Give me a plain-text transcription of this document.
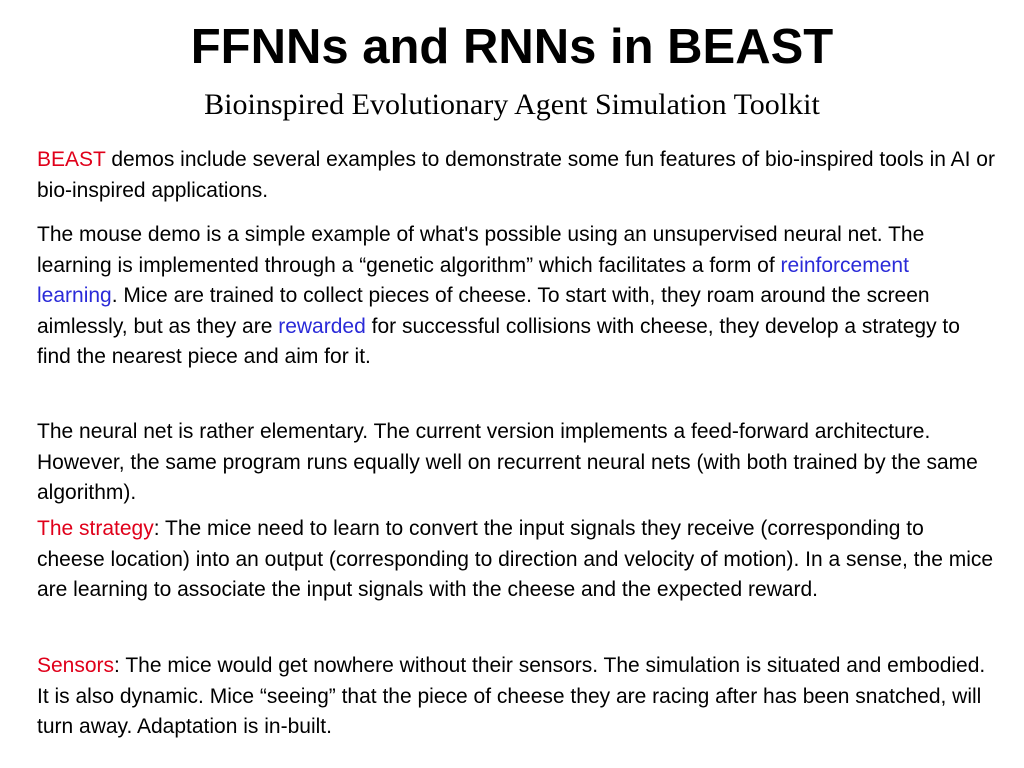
FFNNs and RNNs in BEAST
Bioinspired Evolutionary Agent Simulation Toolkit

BEAST demos include several examples to demonstrate some fun features of bio-inspired tools in AI or bio-inspired applications.

The mouse demo is a simple example of what's possible using an unsupervised neural net. The learning is implemented through a “genetic algorithm” which facilitates a form of reinforcement learning. Mice are trained to collect pieces of cheese. To start with, they roam around the screen aimlessly, but as they are rewarded for successful collisions with cheese, they develop a strategy to find the nearest piece and aim for it.

The neural net is rather elementary. The current version implements a feed-forward architecture. However, the same program runs equally well on recurrent neural nets (with both trained by the same algorithm).

The strategy: The mice need to learn to convert the input signals they receive (corresponding to cheese location) into an output (corresponding to direction and velocity of motion). In a sense, the mice are learning to associate the input signals with the cheese and the expected reward.

Sensors: The mice would get nowhere without their sensors. The simulation is situated and embodied. It is also dynamic. Mice “seeing” that the piece of cheese they are racing after has been snatched, will turn away. Adaptation is in-built.
